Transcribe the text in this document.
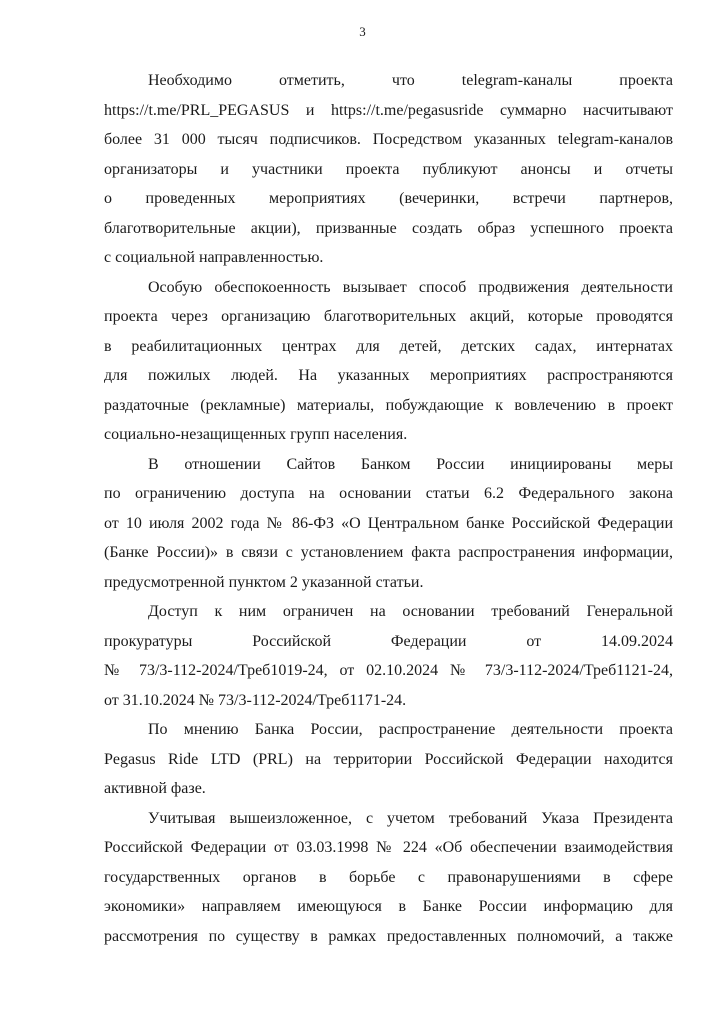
3
Необходимо отметить, что telegram-каналы проекта
https://t.me/PRL_PEGASUS и https://t.me/pegasusride суммарно насчитывают
более 31 000 тысяч подписчиков. Посредством указанных telegram-каналов
организаторы и участники проекта публикуют анонсы и отчеты
о проведенных мероприятиях (вечеринки, встречи партнеров,
благотворительные акции), призванные создать образ успешного проекта
с социальной направленностью.
Особую обеспокоенность вызывает способ продвижения деятельности
проекта через организацию благотворительных акций, которые проводятся
в реабилитационных центрах для детей, детских садах, интернатах
для пожилых людей. На указанных мероприятиях распространяются
раздаточные (рекламные) материалы, побуждающие к вовлечению в проект
социально-незащищенных групп населения.
В отношении Сайтов Банком России инициированы меры
по ограничению доступа на основании статьи 6.2 Федерального закона
от 10 июля 2002 года № 86-ФЗ «О Центральном банке Российской Федерации
(Банке России)» в связи с установлением факта распространения информации,
предусмотренной пунктом 2 указанной статьи.
Доступ к ним ограничен на основании требований Генеральной
прокуратуры Российской Федерации от 14.09.2024
№ 73/3-112-2024/Треб1019-24, от 02.10.2024 № 73/3-112-2024/Треб1121-24,
от 31.10.2024 № 73/3-112-2024/Треб1171-24.
По мнению Банка России, распространение деятельности проекта
Pegasus Ride LTD (PRL) на территории Российской Федерации находится
активной фазе.
Учитывая вышеизложенное, с учетом требований Указа Президента
Российской Федерации от 03.03.1998 № 224 «Об обеспечении взаимодействия
государственных органов в борьбе с правонарушениями в сфере
экономики» направляем имеющуюся в Банке России информацию для
рассмотрения по существу в рамках предоставленных полномочий, а также
